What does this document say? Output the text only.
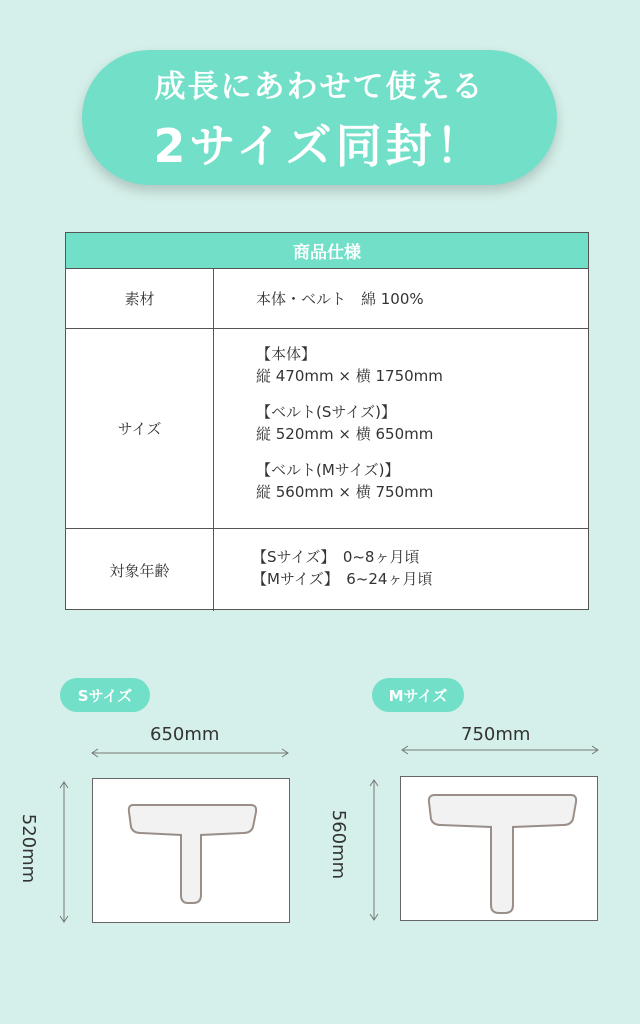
成長にあわせて使える
2サイズ同封！
商品仕様
素材	本体・ベルト　綿 100%
サイズ

【本体】

縦 470mm × 横 1750mm

【ベルト(Sサイズ)】

縦 520mm × 横 650mm

【ベルト(Mサイズ)】

縦 560mm × 横 750mm

対象年齢

【Sサイズ】　0~8ヶ月頃

【Mサイズ】　6~24ヶ月頃

Sサイズ
650mm
520mm
Mサイズ
750mm
560mm
